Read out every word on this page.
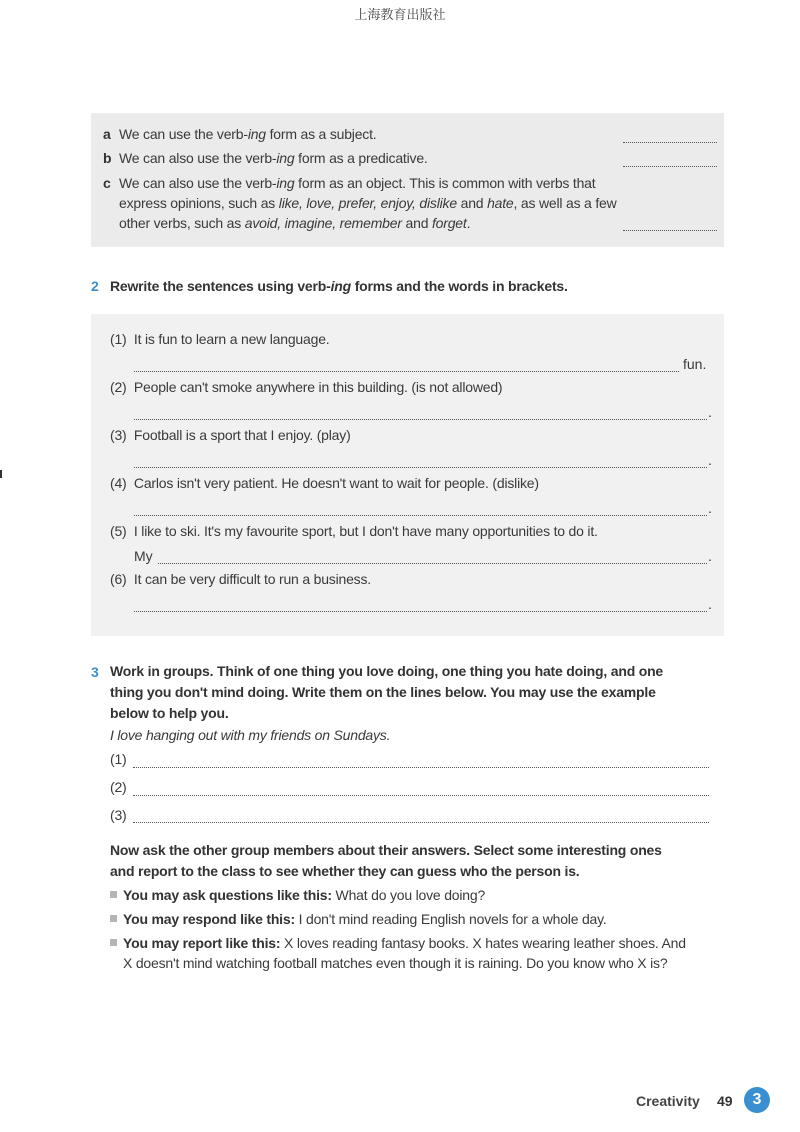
上海教育出版社
a We can use the verb-ing form as a subject.
b We can also use the verb-ing form as a predicative.
c We can also use the verb-ing form as an object. This is common with verbs that
express opinions, such as like, love, prefer, enjoy, dislike and hate, as well as a few
other verbs, such as avoid, imagine, remember and forget.
2 Rewrite the sentences using verb-ing forms and the words in brackets.
(1) It is fun to learn a new language.
fun.
(2) People can't smoke anywhere in this building. (is not allowed)
.
(3) Football is a sport that I enjoy. (play)
.
(4) Carlos isn't very patient. He doesn't want to wait for people. (dislike)
.
(5) I like to ski. It's my favourite sport, but I don't have many opportunities to do it.
My	.
(6) It can be very difficult to run a business.
.
3 Work in groups. Think of one thing you love doing, one thing you hate doing, and one
thing you don't mind doing. Write them on the lines below. You may use the example
below to help you.
I love hanging out with my friends on Sundays.
(1)
(2)
(3)
Now ask the other group members about their answers. Select some interesting ones
and report to the class to see whether they can guess who the person is.
You may ask questions like this: What do you love doing?
You may respond like this: I don't mind reading English novels for a whole day.
You may report like this: X loves reading fantasy books. X hates wearing leather shoes. And
X doesn't mind watching football matches even though it is raining. Do you know who X is?
Creativity 49	3
